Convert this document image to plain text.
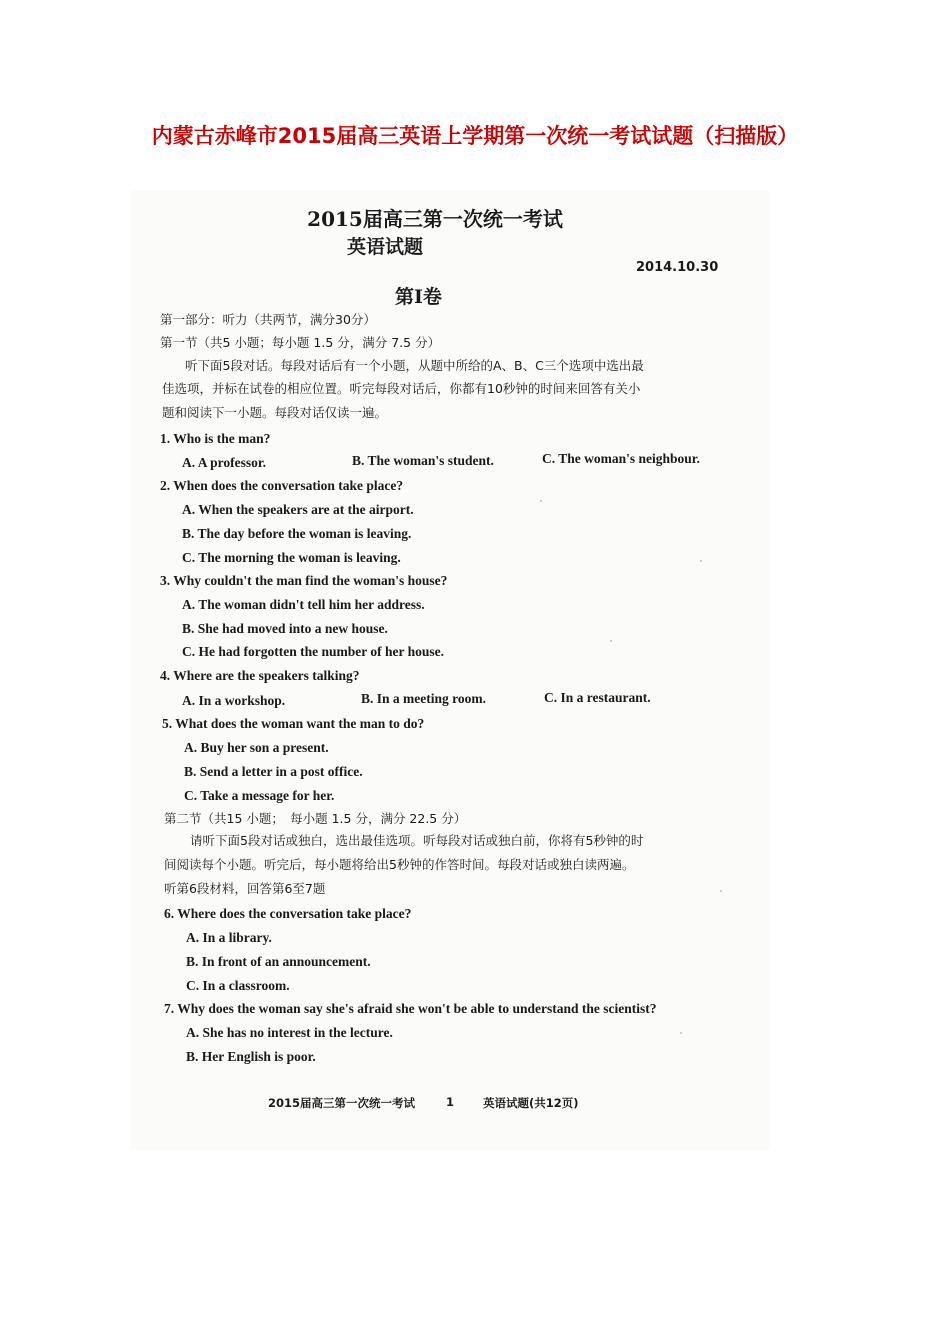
内蒙古赤峰市2015届高三英语上学期第一次统一考试试题（扫描版）
2015届高三第一次统一考试
英语试题
2014.10.30
第Ⅰ卷
第一部分：听力（共两节，满分30分）
第一节（共5 小题；每小题 1.5 分，满分 7.5 分）
听下面5段对话。每段对话后有一个小题，从题中所给的A、B、C三个选项中选出最
佳选项，并标在试卷的相应位置。听完每段对话后，你都有10秒钟的时间来回答有关小
题和阅读下一小题。每段对话仅读一遍。
1. Who is the man?
A. A professor.	B. The woman's student.	C. The woman's neighbour.
2. When does the conversation take place?
A. When the speakers are at the airport.
B. The day before the woman is leaving.
C. The morning the woman is leaving.
3. Why couldn't the man find the woman's house?
A. The woman didn't tell him her address.
B. She had moved into a new house.
C. He had forgotten the number of her house.
4. Where are the speakers talking?
A. In a workshop.	B. In a meeting room.	C. In a restaurant.
5. What does the woman want the man to do?
A. Buy her son a present.
B. Send a letter in a post office.
C. Take a message for her.
第二节（共15 小题；　每小题 1.5 分，满分 22.5 分）
请听下面5段对话或独白，选出最佳选项。听每段对话或独白前，你将有5秒钟的时
间阅读每个小题。听完后，每小题将给出5秒钟的作答时间。每段对话或独白读两遍。
听第6段材料，回答第6至7题
6. Where does the conversation take place?
A. In a library.
B. In front of an announcement.
C. In a classroom.
7. Why does the woman say she's afraid she won't be able to understand the scientist?
A. She has no interest in the lecture.
B. Her English is poor.
2015届高三第一次统一考试	1	英语试题(共12页)
